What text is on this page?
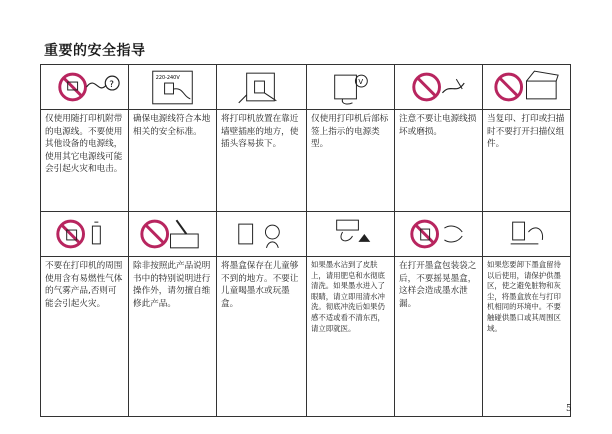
重要的安全指导
?	220-240V		V

仅使用随打印机附带的电源线。不要使用其他设备的电源线，使用其它电源线可能会引起火灾和电击。	确保电源线符合本地相关的安全标准。	将打印机放置在靠近墙壁插座的地方，使插头容易拔下。	仅使用打印机后部标签上指示的电源类型。	注意不要让电源线损坏或磨损。	当复印、打印或扫描时不要打开扫描仪组件。

不要在打印机的周围使用含有易燃性气体的气雾产品,否则可能会引起火灾。	除非按照此产品说明书中的特别说明进行操作外，请勿擅自维修此产品。	将墨盒保存在儿童够不到的地方。不要让儿童喝墨水或玩墨盒。	如果墨水沾到了皮肤上，请用肥皂和水彻底清洗。如果墨水进入了眼睛，请立即用清水冲洗。彻底冲洗后如果仍感不适或看不清东西，请立即就医。	在打开墨盒包装袋之后，不要摇晃墨盒，这样会造成墨水泄漏。	如果您要卸下墨盒留待以后使用，请保护供墨区，使之避免脏物和灰尘，将墨盒放在与打印机相同的环境中。不要触碰供墨口或其周围区域。
5
